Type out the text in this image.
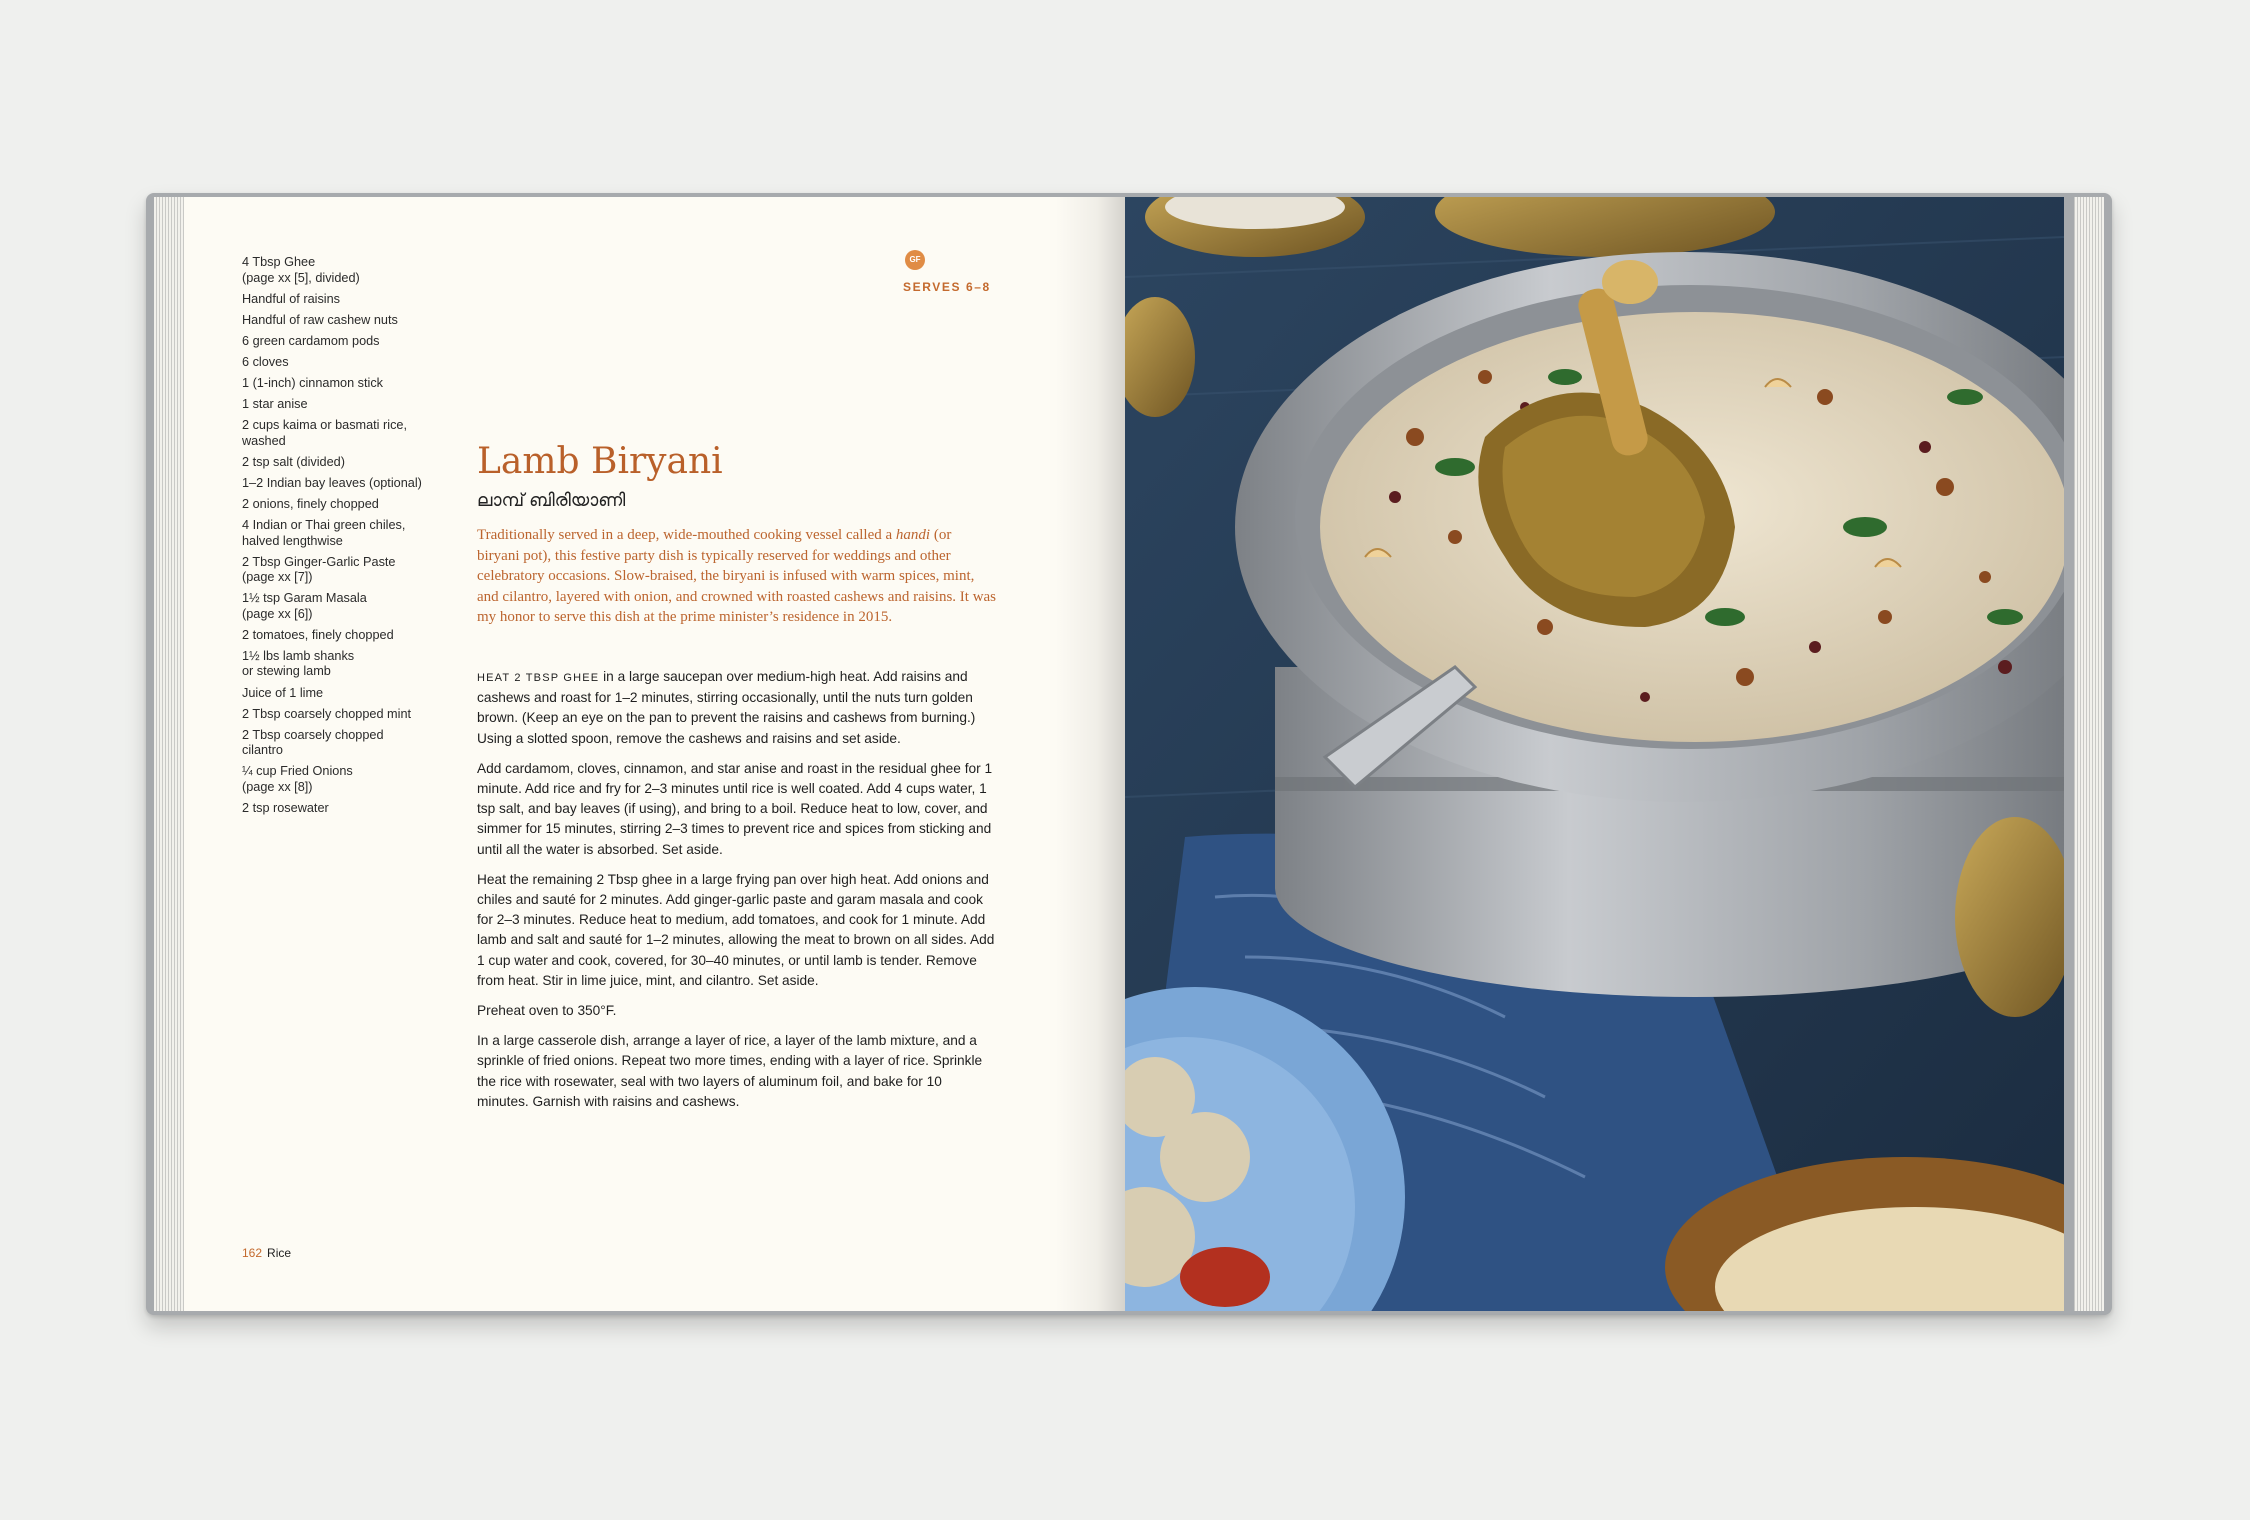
4 Tbsp Ghee
(page xx [5], divided)
Handful of raisins
Handful of raw cashew nuts
6 green cardamom pods
6 cloves
1 (1-inch) cinnamon stick
1 star anise
2 cups kaima or basmati rice,
washed
2 tsp salt (divided)
1–2 Indian bay leaves (optional)
2 onions, finely chopped
4 Indian or Thai green chiles,
halved lengthwise
2 Tbsp Ginger-Garlic Paste
(page xx [7])
1½ tsp Garam Masala
(page xx [6])
2 tomatoes, finely chopped
1½ lbs lamb shanks
or stewing lamb
Juice of 1 lime
2 Tbsp coarsely chopped mint
2 Tbsp coarsely chopped
cilantro
¼ cup Fried Onions
(page xx [8])
2 tsp rosewater
GF
SERVES 6–8
Lamb Biryani
ലാമ്പ് ബിരിയാണി
Traditionally served in a deep, wide-mouthed cooking vessel called a handi (or biryani pot), this festive party dish is typically reserved for weddings and other celebratory occasions. Slow-braised, the biryani is infused with warm spices, mint, and cilantro, layered with onion, and crowned with roasted cashews and raisins. It was my honor to serve this dish at the prime minister’s residence in 2015.

HEAT 2 TBSP GHEE in a large saucepan over medium-high heat. Add raisins and cashews and roast for 1–2 minutes, stirring occasionally, until the nuts turn golden brown. (Keep an eye on the pan to prevent the raisins and cashews from burning.) Using a slotted spoon, remove the cashews and raisins and set aside.

Add cardamom, cloves, cinnamon, and star anise and roast in the residual ghee for 1 minute. Add rice and fry for 2–3 minutes until rice is well coated. Add 4 cups water, 1 tsp salt, and bay leaves (if using), and bring to a boil. Reduce heat to low, cover, and simmer for 15 minutes, stirring 2–3 times to prevent rice and spices from sticking and until all the water is absorbed. Set aside.

Heat the remaining 2 Tbsp ghee in a large frying pan over high heat. Add onions and chiles and sauté for 2 minutes. Add ginger-garlic paste and garam masala and cook for 2–3 minutes. Reduce heat to medium, add tomatoes, and cook for 1 minute. Add lamb and salt and sauté for 1–2 minutes, allowing the meat to brown on all sides. Add 1 cup water and cook, covered, for 30–40 minutes, or until lamb is tender. Remove from heat. Stir in lime juice, mint, and cilantro. Set aside.

Preheat oven to 350°F.

In a large casserole dish, arrange a layer of rice, a layer of the lamb mixture, and a sprinkle of fried onions. Repeat two more times, ending with a layer of rice. Sprinkle the rice with rosewater, seal with two layers of aluminum foil, and bake for 10 minutes. Garnish with raisins and cashews.

162 Rice
